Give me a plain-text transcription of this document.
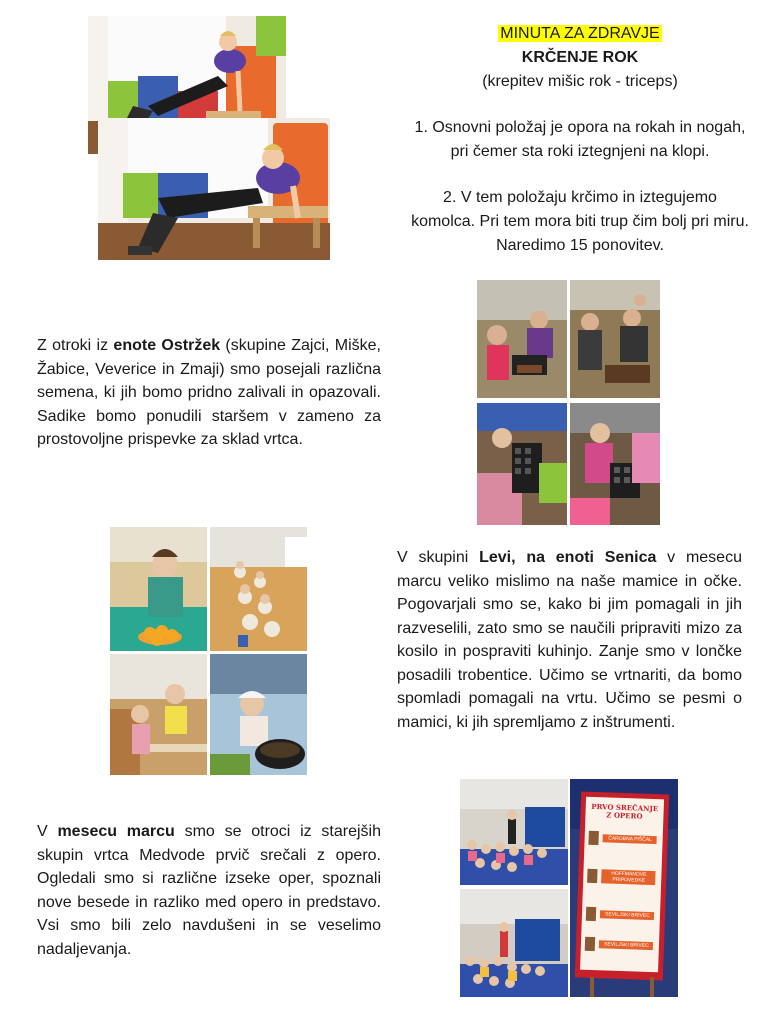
MINUTA ZA ZDRAVJE

KRČENJE ROK

(krepitev mišic rok - triceps)

1. Osnovni položaj je opora na rokah in nogah, pri čemer sta roki iztegnjeni na klopi.

2. V tem položaju krčimo in iztegujemo komolca. Pri tem mora biti trup čim bolj pri miru. Naredimo 15 ponovitev.

Z otroki iz enote Ostržek (skupine Zajci, Miške, Žabice, Veverice in Zmaji) smo posejali različna semena, ki jih bomo pridno zalivali in opazovali. Sadike bomo ponudili staršem v zameno za prostovoljne prispevke za sklad vrtca.
V skupini Levi, na enoti Senica v mesecu marcu veliko mislimo na naše mamice in očke. Pogovarjali smo se, kako bi jim pomagali in jih razveselili, zato smo se naučili pripraviti mizo za kosilo in pospraviti kuhinjo. Zanje smo v lončke posadili trobentice. Učimo se vrtnariti, da bomo spomladi pomagali na vrtu. Učimo se pesmi o mamici, ki jih spremljamo z inštrumenti.
PRVO SREČANJE Z OPERO
ČAROBNA PIŠČAL
HOFFMANOVE PRIPOVEDKE
SEVILJSKI BRIVEC
SEVILJSKI BRIVEC
V mesecu marcu smo se otroci iz starejših skupin vrtca Medvode prvič srečali z opero. Ogledali smo si različne izseke oper, spoznali nove besede in razliko med opero in predstavo. Vsi smo bili zelo navdušeni in se veselimo nadaljevanja.
